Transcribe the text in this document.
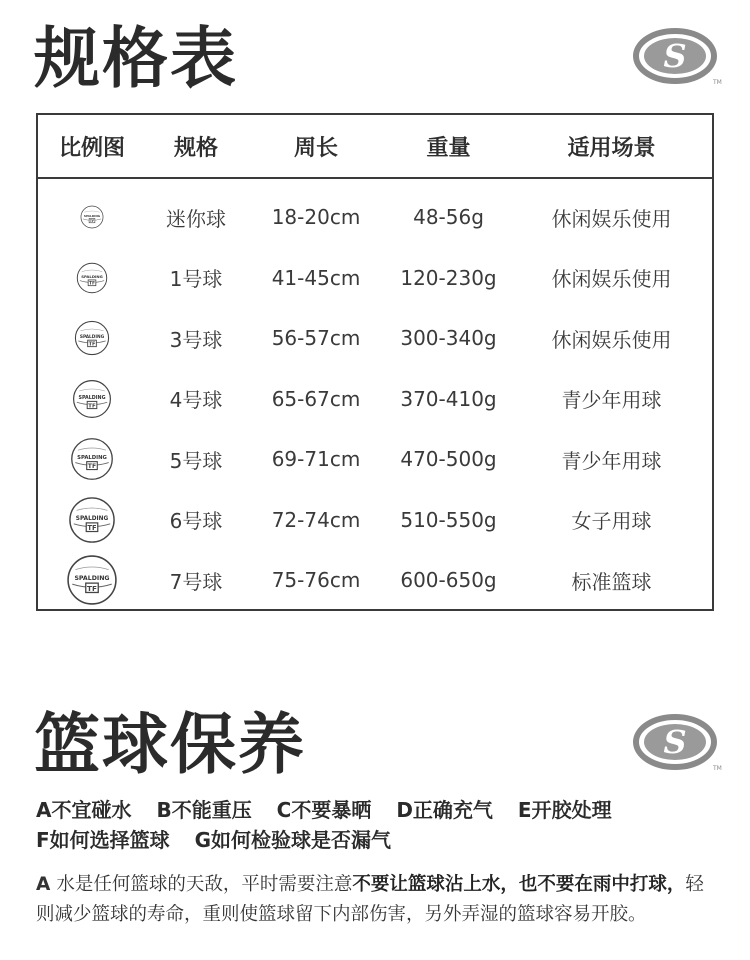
规格表	S
TM
比例图	规格	周长	重量	适用场景
TF
SPALDING	迷你球	18-20cm	48-56g	休闲娱乐使用
TF
SPALDING	1号球	41-45cm	120-230g	休闲娱乐使用
TF
SPALDING	3号球	56-57cm	300-340g	休闲娱乐使用
TF
SPALDING	4号球	65-67cm	370-410g	青少年用球
TF
SPALDING	5号球	69-71cm	470-500g	青少年用球
TF
SPALDING	6号球	72-74cm	510-550g	女子用球
TF
SPALDING	7号球	75-76cm	600-650g	标准篮球
篮球保养	S
TM
A不宜碰水 B不能重压 C不要暴晒 D正确充气 E开胶处理
F如何选择篮球 G如何检验球是否漏气
A 水是任何篮球的天敌，平时需要注意不要让篮球沾上水，也不要在雨中打球，轻则减少篮球的寿命，重则使篮球留下内部伤害，另外弄湿的篮球容易开胶。
